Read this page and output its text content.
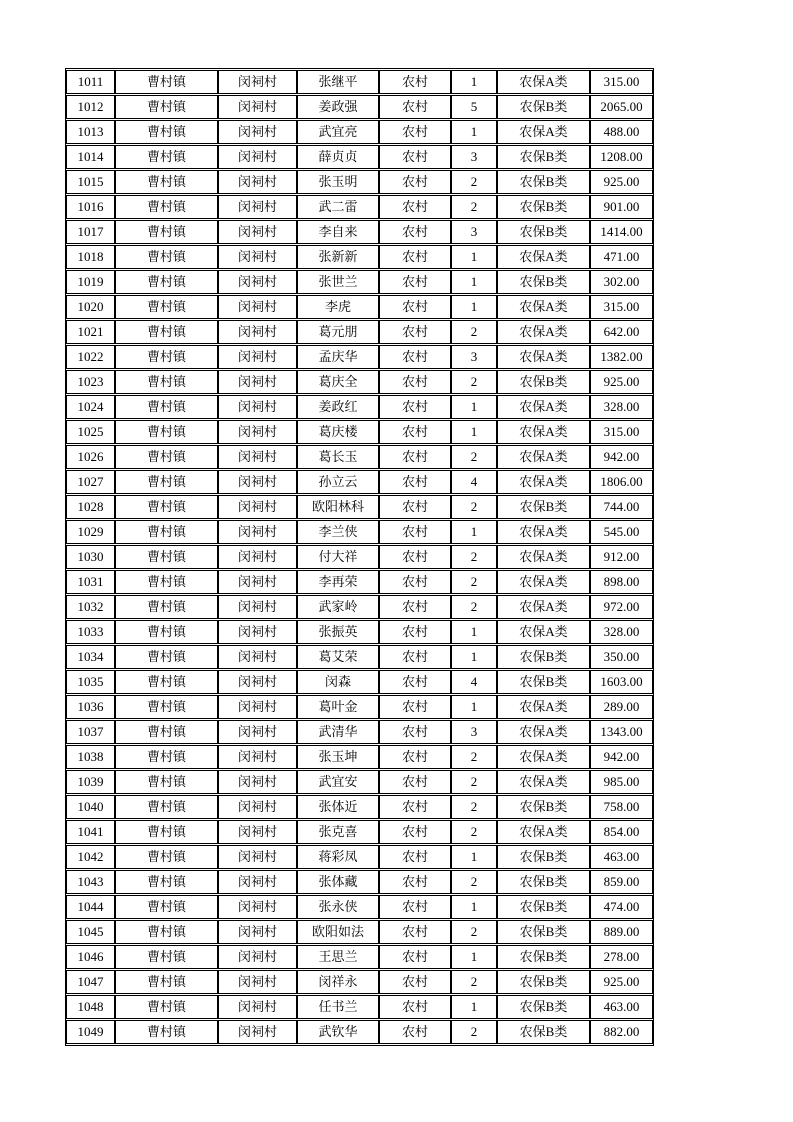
1011	曹村镇	闵祠村	张继平	农村	1	农保A类	315.00
1012	曹村镇	闵祠村	姜政强	农村	5	农保B类	2065.00
1013	曹村镇	闵祠村	武宜亮	农村	1	农保A类	488.00
1014	曹村镇	闵祠村	薛贞贞	农村	3	农保B类	1208.00
1015	曹村镇	闵祠村	张玉明	农村	2	农保B类	925.00
1016	曹村镇	闵祠村	武二雷	农村	2	农保B类	901.00
1017	曹村镇	闵祠村	李自来	农村	3	农保B类	1414.00
1018	曹村镇	闵祠村	张新新	农村	1	农保A类	471.00
1019	曹村镇	闵祠村	张世兰	农村	1	农保B类	302.00
1020	曹村镇	闵祠村	李虎	农村	1	农保A类	315.00
1021	曹村镇	闵祠村	葛元朋	农村	2	农保A类	642.00
1022	曹村镇	闵祠村	孟庆华	农村	3	农保A类	1382.00
1023	曹村镇	闵祠村	葛庆全	农村	2	农保B类	925.00
1024	曹村镇	闵祠村	姜政红	农村	1	农保A类	328.00
1025	曹村镇	闵祠村	葛庆楼	农村	1	农保A类	315.00
1026	曹村镇	闵祠村	葛长玉	农村	2	农保A类	942.00
1027	曹村镇	闵祠村	孙立云	农村	4	农保A类	1806.00
1028	曹村镇	闵祠村	欧阳林科	农村	2	农保B类	744.00
1029	曹村镇	闵祠村	李兰侠	农村	1	农保A类	545.00
1030	曹村镇	闵祠村	付大祥	农村	2	农保A类	912.00
1031	曹村镇	闵祠村	李再荣	农村	2	农保A类	898.00
1032	曹村镇	闵祠村	武家岭	农村	2	农保A类	972.00
1033	曹村镇	闵祠村	张振英	农村	1	农保A类	328.00
1034	曹村镇	闵祠村	葛艾荣	农村	1	农保B类	350.00
1035	曹村镇	闵祠村	闵森	农村	4	农保B类	1603.00
1036	曹村镇	闵祠村	葛叶金	农村	1	农保A类	289.00
1037	曹村镇	闵祠村	武清华	农村	3	农保A类	1343.00
1038	曹村镇	闵祠村	张玉坤	农村	2	农保A类	942.00
1039	曹村镇	闵祠村	武宜安	农村	2	农保A类	985.00
1040	曹村镇	闵祠村	张体近	农村	2	农保B类	758.00
1041	曹村镇	闵祠村	张克喜	农村	2	农保A类	854.00
1042	曹村镇	闵祠村	蒋彩凤	农村	1	农保B类	463.00
1043	曹村镇	闵祠村	张体藏	农村	2	农保B类	859.00
1044	曹村镇	闵祠村	张永侠	农村	1	农保B类	474.00
1045	曹村镇	闵祠村	欧阳如法	农村	2	农保B类	889.00
1046	曹村镇	闵祠村	王思兰	农村	1	农保B类	278.00
1047	曹村镇	闵祠村	闵祥永	农村	2	农保B类	925.00
1048	曹村镇	闵祠村	任书兰	农村	1	农保B类	463.00
1049	曹村镇	闵祠村	武钦华	农村	2	农保B类	882.00
